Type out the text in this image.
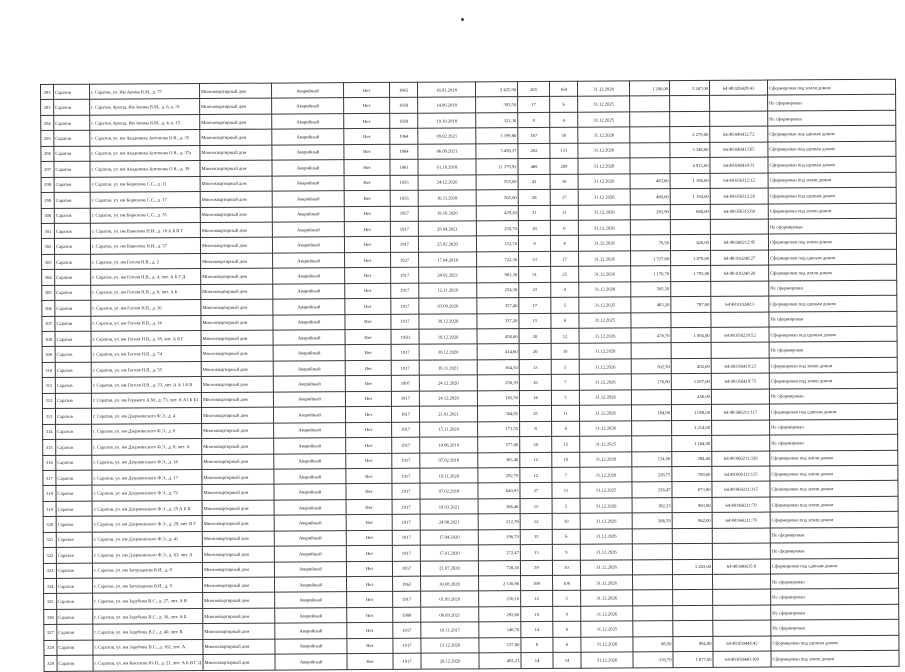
293	Саратов	г. Саратов, ул. Им Акима В.М., д. 77	Многоквартирный дом	Аварийный	Нет	1965	16.01.2018	2 425,90	265	164	31.12.2026	1 200,00	3 267,00	64:48:020428:43	Сформирован под земли домом
293	Саратов	г. Саратов, проезд. Им Акима В.М., д. 6, к. 31	Многоквартирный дом	Аварийный	Нет	1958	14.06.2018	393,50	17	6	31.12.2025				Не сформирован
294	Саратов	г. Саратов, проезд. Им Акима В.М., д. 4, к. 15	Многоквартирный дом	Аварийный	Нет	1959	19.10.2018	321,30	9	4	31.12.2025				Не сформирован
295	Саратов	г. Саратов, ул. им Академика Антонова О.К., д. 35	Многоквартирный дом	Аварийный	Нет	1964	09.02.2021	3 199,80	167	50	31.12.2026		2 279,00	64:48:040412:72	Сформирован под единым домом
296	Саратов	г. Саратов, ул. им Академика Антонова О.К., д. 37а	Многоквартирный дом	Аварийный	Нет	1964	06.09.2021	3 458,37	202	131	31.12.2026		3 348,00	64:48:040413:65	Сформирован под единым домом
297	Саратов	г. Саратов, ул. им Академика Антонова О.К., д. 39	Многоквартирный дом	Аварийный	Нет	1961	01.10.2018	11 379,92	469	209	31.12.2028		4 915,00	64:48:040414:31	Сформирован под единым домом
298	Саратов	г. Саратов, ул. им Бирюзова С.С., д. 11	Многоквартирный дом	Аварийный	Нет	1955	24.12.2020	555,09	41	16	31.12.2026	483,60	1 196,00	64:48:050312:12	Сформирован под земли домом
299	Саратов	г. Саратов, ул. им Бирюзова С.С., д. 17	Многоквартирный дом	Аварийный	Нет	1955	16.11.2018	565,00	28	17	31.12.2026	480,00	1 194,00	64:48:050312:26	Сформирован под единым домом
300	Саратов	г. Саратов, ул. им Бирюзова С.С., д. 35	Многоквартирный дом	Аварийный	Нет	1957	19.10.2020	429,20	31	11	31.12.2026	283,90	660,00	64:48:050315:60	Сформирован под земли домом
301	Саратов	г. Саратов, ул. им Вавилова Н.И., д. 18 А Б В Г	Многоквартирный дом	Аварийный	Нет	1917	28.04.2021	259,70	18	6	31.12.2026				Не сформирован
302	Саратов	г. Саратов, ул. им Вавилова Н.И., д. 57	Многоквартирный дом	Аварийный	Нет	1917	25.02.2020	152,70	9	4	31.12.2026	76,50	420,00	64:48:060212:45	Сформирован под земли домом
303	Саратов	г. Саратов, ул. им Гоголя Н.В., д. 2	Многоквартирный дом	Аварийный	Нет	1927	17.04.2018	722,30	33	17	31.12.2026	1 537,60	1 878,00	64:48:010240:27	Сформирован под единым домом
304	Саратов	г. Саратов, ул. им Гоголя Н.В., д. 4, лит. А Б Г Д	Многоквартирный дом	Аварийный	Нет	1917	24.02.2021	961,30	51	25	31.12.2026	1 176,70	1 795,00	64:48:010240:26	Сформирован под земли домом
305	Саратов	г. Саратов, ул. им Гоголя Н.В., д. 6, лит. А Б	Многоквартирный дом	Аварийный	Нет	1917	12.11.2020	254,30	23	4	31.12.2026	505,50			Не сформирован
306	Саратов	г. Саратов, ул. им Гоголя Н.В., д. 10	Многоквартирный дом	Аварийный	Нет	1917	03.09.2020	357,40	17	5	31.12.2025	483,20	787,00	64:48:010240:3	Сформирован под единым домом
307	Саратов	г. Саратов, ул. им Гоголя Н.В., д. 14	Многоквартирный дом	Аварийный	Нет	1917	30.12.2020	337,20	15	6	31.12.2025				Не сформирован
308	Саратов	г. Саратов, ул. им Гоголя Н.В., д. 38, лит. А Б Г	Многоквартирный дом	Аварийный	Нет	1950	10.12.2020	458,60	20	12	31.12.2026	478,70	1 094,00	64:48:050239:52	Сформирован под единым домом
309	Саратов	г. Саратов, ул. им Гоголя Н.В., д. 74	Многоквартирный дом	Аварийный	Нет	1917	30.12.2020	414,60	20	10	31.12.2026				Не сформирован
310	Саратов	г. Саратов, ул. им Гоголя Н.В., д. 55	Многоквартирный дом	Аварийный	Нет	1917	16.11.2021	364,50	13	5	31.12.2026	302,50	492,00	64:48:050419:23	Сформирован под земли домом
311	Саратов	г. Саратов, ул. им Гоголя Н.В., д. 53, лит. А А 1 Б В	Многоквартирный дом	Аварийный	Нет	1897	24.12.2020	256,39	16	7	31.12.2026	176,60	1 057,00	64:48:050419:75	Сформирован под земли домом
312	Саратов	г. Саратов, ул. им Горького А.М., д. 73, лит. А А1 Б Б1	Многоквартирный дом	Аварийный	Нет	1917	24.12.2020	162,50	14	3	31.12.2026		456,00		Не сформирован
313	Саратов	г. Саратов, ул. им Дзержинского Ф.Э., д. 4	Многоквартирный дом	Аварийный	Нет	1917	21.01.2021	364,85	25	11	31.12.2026	184,90	1 058,00	64:48:060211:117	Сформирован под единым домом
314	Саратов	г. Саратов, ул. им Дзержинского Ф.Э., д. 6	Многоквартирный дом	Аварийный	Нет	1917	15.11.2020	171,55	8	4	31.12.2026		1 214,00		Не сформирован
315	Саратов	г. Саратов, ул. им Дзержинского Ф.Э., д. 8, лит. А	Многоквартирный дом	Аварийный	Нет	1917	10.06.2019	577,00	20	15	31.12.2025		1 164,00		Не сформирован
316	Саратов	г. Саратов, ул. им Дзержинского Ф.Э., д. 14	Многоквартирный дом	Аварийный	Нет	1917	07.02.2018	363,46	12	10	31.12.2026	154,56	384,00	64:48:060211:320	Сформирован под земли домом
317	Саратов	г. Саратов, ул. им Дзержинского Ф.Э., д. 17	Многоквартирный дом	Аварийный	Нет	1917	10.11.2020	292,79	12	7	31.12.2026	228,75	709,00	64:48:060111:115	Сформирован под земли домом
318	Саратов	г. Саратов, ул. им Дзержинского Ф.Э., д. 72	Многоквартирный дом	Аварийный	Нет	1917	07.02.2018	640,95	27	11	31.12.2025	226,47	673,00	64:48:060211:315	Сформирован под земли домом
319	Саратов	г. Саратов, ул. им Дзержинского Ф.Э., д. 29 А Б В	Многоквартирный дом	Аварийный	Нет	1917	19.03.2021	366,46	15	5	31.12.2026	182,23	903,00	64:48:060211:79	Сформирован под земли домом
320	Саратов	г. Саратов, ул. им Дзержинского Ф.Э., д. 29, лит. В Г	Многоквартирный дом	Аварийный	Нет	1917	24.08.2021	212,78	12	10	31.12.2026	266,59	962,00	64:48:060211:79	Сформирован под земли домом
321	Саратов	г. Саратов, ул. им Дзержинского Ф.Э., д. 41	Многоквартирный дом	Аварийный	Нет	1917	17.04.2020	196,70	15	6	31.12.2026				Не сформирован
322	Саратов	г. Саратов, ул. им Дзержинского Ф.Э., д. 63, лит. А	Многоквартирный дом	Аварийный	Нет	1917	17.01.2020	272,47	13	9	31.12.2026				Не сформирован
323	Саратов	г. Саратов, ул. им Загороднева В.И., д. 8	Многоквартирный дом	Аварийный	Нет	1957	21.07.2020	720,20	39	10	31.12.2026		1 203,00	64:48:040615:8	Сформирован под единым домом
324	Саратов	г. Саратов, ул. им Загороднева В.И., д. 9	Многоквартирный дом	Аварийный	Нет	1963	30.08.2020	2 530,86	199	106	31.12.2026				Не сформирован
325	Саратов	г. Саратов, ул. им Зарубина В.С., д. 27, лит. А В	Многоквартирный дом	Аварийный	Нет	1917	01.09.2020	216,10	12	5	31.12.2026				Не сформирован
326	Саратов	г. Саратов, ул. им Зарубина В.С., д. 30, лит. А Б	Многоквартирный дом	Аварийный	Нет	1908	06.09.2021	292,60	19	9	31.12.2026				Не сформирован
327	Саратов	г. Саратов, ул. им Зарубина В.С., д. 40, лит. В	Многоквартирный дом	Аварийный	Нет	1917	10.11.2017	146,70	14	6	31.12.2025				Не сформирован
328	Саратов	г. Саратов, ул. им Зарубина В.С., д. 162, лит. А	Многоквартирный дом	Аварийный	Нет	1917	13.12.2020	157,00	8	6	31.12.2026	88,50	894,00	64:48:050446:42	Сформирован под единым домом
329	Саратов	г. Саратов, ул. им Киселева Ю.П., д. 21, лит. А Б В Г Д	Многоквартирный дом	Аварийный	Нет	1917	20.12.2020	481,21	14	14	31.12.2026	339,70	1 077,00	64:48:050440:100	Сформирован под земли домом
